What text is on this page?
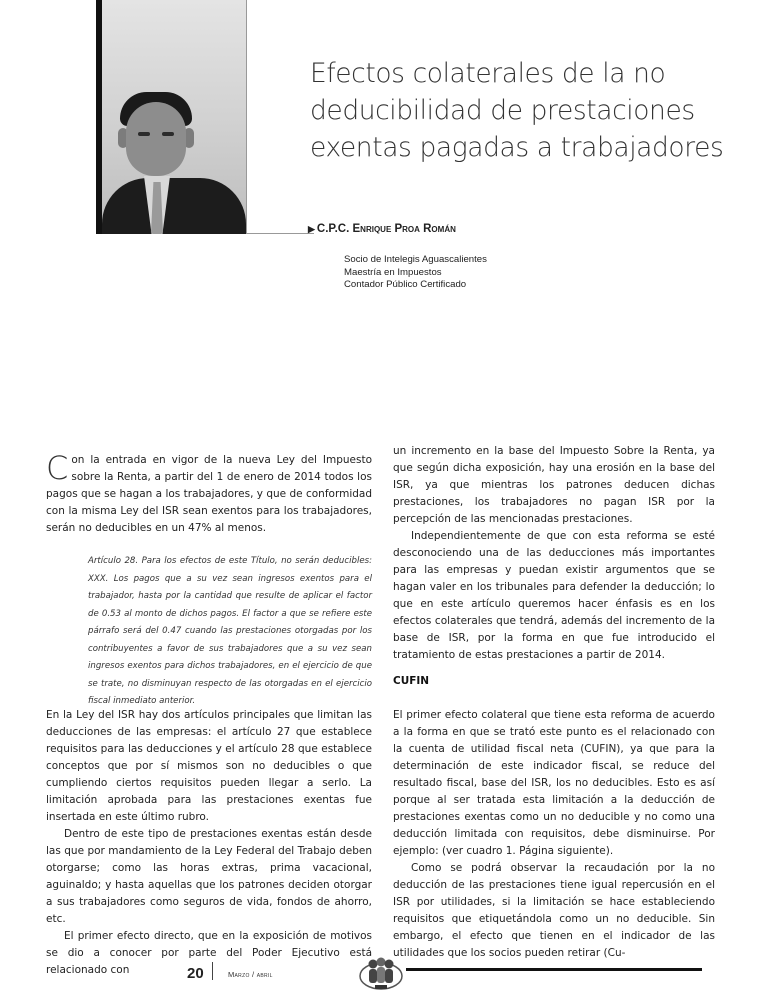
Efectos colaterales de la no
deducibilidad de prestaciones
exentas pagadas a trabajadores
▶ C.P.C. Enrique Proa Román
Socio de Intelegis Aguascalientes
Maestría en Impuestos
Contador Público Certificado
Con la entrada en vigor de la nueva Ley del Impuesto sobre la Renta, a partir del 1 de enero de 2014 todos los pagos que se hagan a los trabajadores, y que de conformidad con la misma Ley del ISR sean exentos para los trabajadores, serán no deducibles en un 47% al menos.
Artículo 28. Para los efectos de este Título, no serán deducibles: XXX. Los pagos que a su vez sean ingresos exentos para el trabajador, hasta por la cantidad que resulte de aplicar el factor de 0.53 al monto de dichos pagos. El factor a que se refiere este párrafo será del 0.47 cuando las prestaciones otorgadas por los contribuyentes a favor de sus trabajadores que a su vez sean ingresos exentos para dichos trabajadores, en el ejercicio de que se trate, no disminuyan respecto de las otorgadas en el ejercicio fiscal inmediato anterior.

En la Ley del ISR hay dos artículos principales que limitan las deducciones de las empresas: el artículo 27 que establece requisitos para las deducciones y el artículo 28 que establece conceptos que por sí mismos son no deducibles o que cumpliendo ciertos requisitos pueden llegar a serlo. La limitación aprobada para las prestaciones exentas fue insertada en este último rubro.

Dentro de este tipo de prestaciones exentas están desde las que por mandamiento de la Ley Federal del Trabajo deben otorgarse; como las horas extras, prima vacacional, aguinaldo; y hasta aquellas que los patrones deciden otorgar a sus trabajadores como seguros de vida, fondos de ahorro, etc.

El primer efecto directo, que en la exposición de motivos se dio a conocer por parte del Poder Ejecutivo está relacionado con

un incremento en la base del Impuesto Sobre la Renta, ya que según dicha exposición, hay una erosión en la base del ISR, ya que mientras los patrones deducen dichas prestaciones, los trabajadores no pagan ISR por la percepción de las mencionadas prestaciones.

Independientemente de que con esta reforma se esté desconociendo una de las deducciones más importantes para las empresas y puedan existir argumentos que se hagan valer en los tribunales para defender la deducción; lo que en este artículo queremos hacer énfasis es en los efectos colaterales que tendrá, además del incremento de la base de ISR, por la forma en que fue introducido el tratamiento de estas prestaciones a partir de 2014.

CUFIN

El primer efecto colateral que tiene esta reforma de acuerdo a la forma en que se trató este punto es el relacionado con la cuenta de utilidad fiscal neta (CUFIN), ya que para la determinación de este indicador fiscal, se reduce del resultado fiscal, base del ISR, los no deducibles. Esto es así porque al ser tratada esta limitación a la deducción de prestaciones exentas como un no deducible y no como una deducción limitada con requisitos, debe disminuirse. Por ejemplo: (ver cuadro 1. Página siguiente).

Como se podrá observar la recaudación por la no deducción de las prestaciones tiene igual repercusión en el ISR por utilidades, si la limitación se hace estableciendo requisitos que etiquetándola como un no deducible. Sin embargo, el efecto que tienen en el indicador de las utilidades que los socios pueden retirar (Cu-

20	Marzo / abril
